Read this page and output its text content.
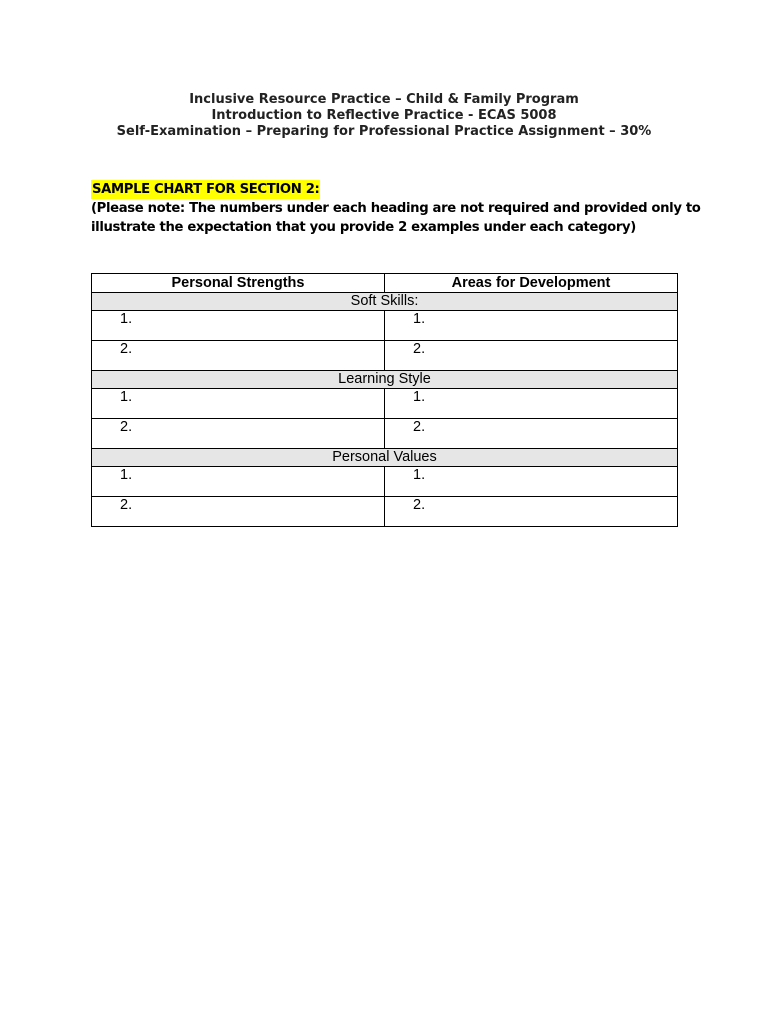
Inclusive Resource Practice – Child & Family Program
Introduction to Reflective Practice - ECAS 5008
Self-Examination – Preparing for Professional Practice Assignment – 30%
SAMPLE CHART FOR SECTION 2:
(Please note: The numbers under each heading are not required and provided only to
illustrate the expectation that you provide 2 examples under each category)
Personal Strengths	Areas for Development
Soft Skills:	
1.	1.
2.	2.
Learning Style	
1.	1.
2.	2.
Personal Values	
1.	1.
2.	2.
